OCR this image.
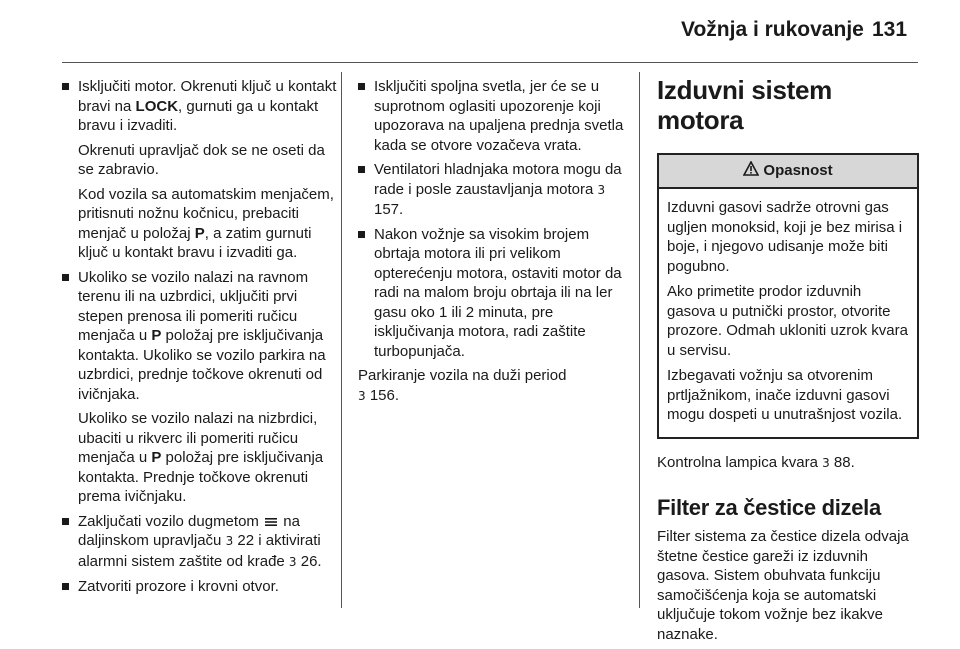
Vožnja i rukovanje 131
Isključiti motor. Okrenuti ključ u kontakt bravi na LOCK, gurnuti ga u kontakt bravu i izvaditi.
Okrenuti upravljač dok se ne oseti da se zabravio.
Kod vozila sa automatskim menjačem, pritisnuti nožnu kočnicu, prebaciti menjač u položaj P, a zatim gurnuti ključ u kontakt bravu i izvaditi ga.
Ukoliko se vozilo nalazi na ravnom terenu ili na uzbrdici, uključiti prvi stepen prenosa ili pomeriti ručicu menjača u P položaj pre isključivanja kontakta. Ukoliko se vozilo parkira na uzbrdici, prednje točkove okrenuti od ivičnjaka.
Ukoliko se vozilo nalazi na nizbrdici, ubaciti u rikverc ili pomeriti ručicu menjača u P položaj pre isključivanja kontakta. Prednje točkove okrenuti prema ivičnjaku.
Zaključati vozilo dugmetom na daljinskom upravljaču 3 22 i aktivirati alarmni sistem zaštite od krađe 3 26.
Zatvoriti prozore i krovni otvor.
Isključiti spoljna svetla, jer će se u suprotnom oglasiti upozorenje koji upozorava na upaljena prednja svetla kada se otvore vozačeva vrata.
Ventilatori hladnjaka motora mogu da rade i posle zaustavljanja motora 3 157.
Nakon vožnje sa visokim brojem obrtaja motora ili pri velikom opterećenju motora, ostaviti motor da radi na malom broju obrtaja ili na ler gasu oko 1 ili 2 minuta, pre isključivanja motora, radi zaštite turbopunjača.
Parkiranje vozila na duži period
3 156.
Izduvni sistem motora
Opasnost

Izduvni gasovi sadrže otrovni gas ugljen monoksid, koji je bez mirisa i boje, i njegovo udisanje može biti pogubno.

Ako primetite prodor izduvnih gasova u putnički prostor, otvorite prozore. Odmah ukloniti uzrok kvara u servisu.

Izbegavati vožnju sa otvorenim prtljažnikom, inače izduvni gasovi mogu dospeti u unutrašnjost vozila.

Kontrolna lampica kvara 3 88.
Filter za čestice dizela
Filter sistema za čestice dizela odvaja štetne čestice gareži iz izduvnih gasova. Sistem obuhvata funkciju samočišćenja koja se automatski uključuje tokom vožnje bez ikakve naznake.
